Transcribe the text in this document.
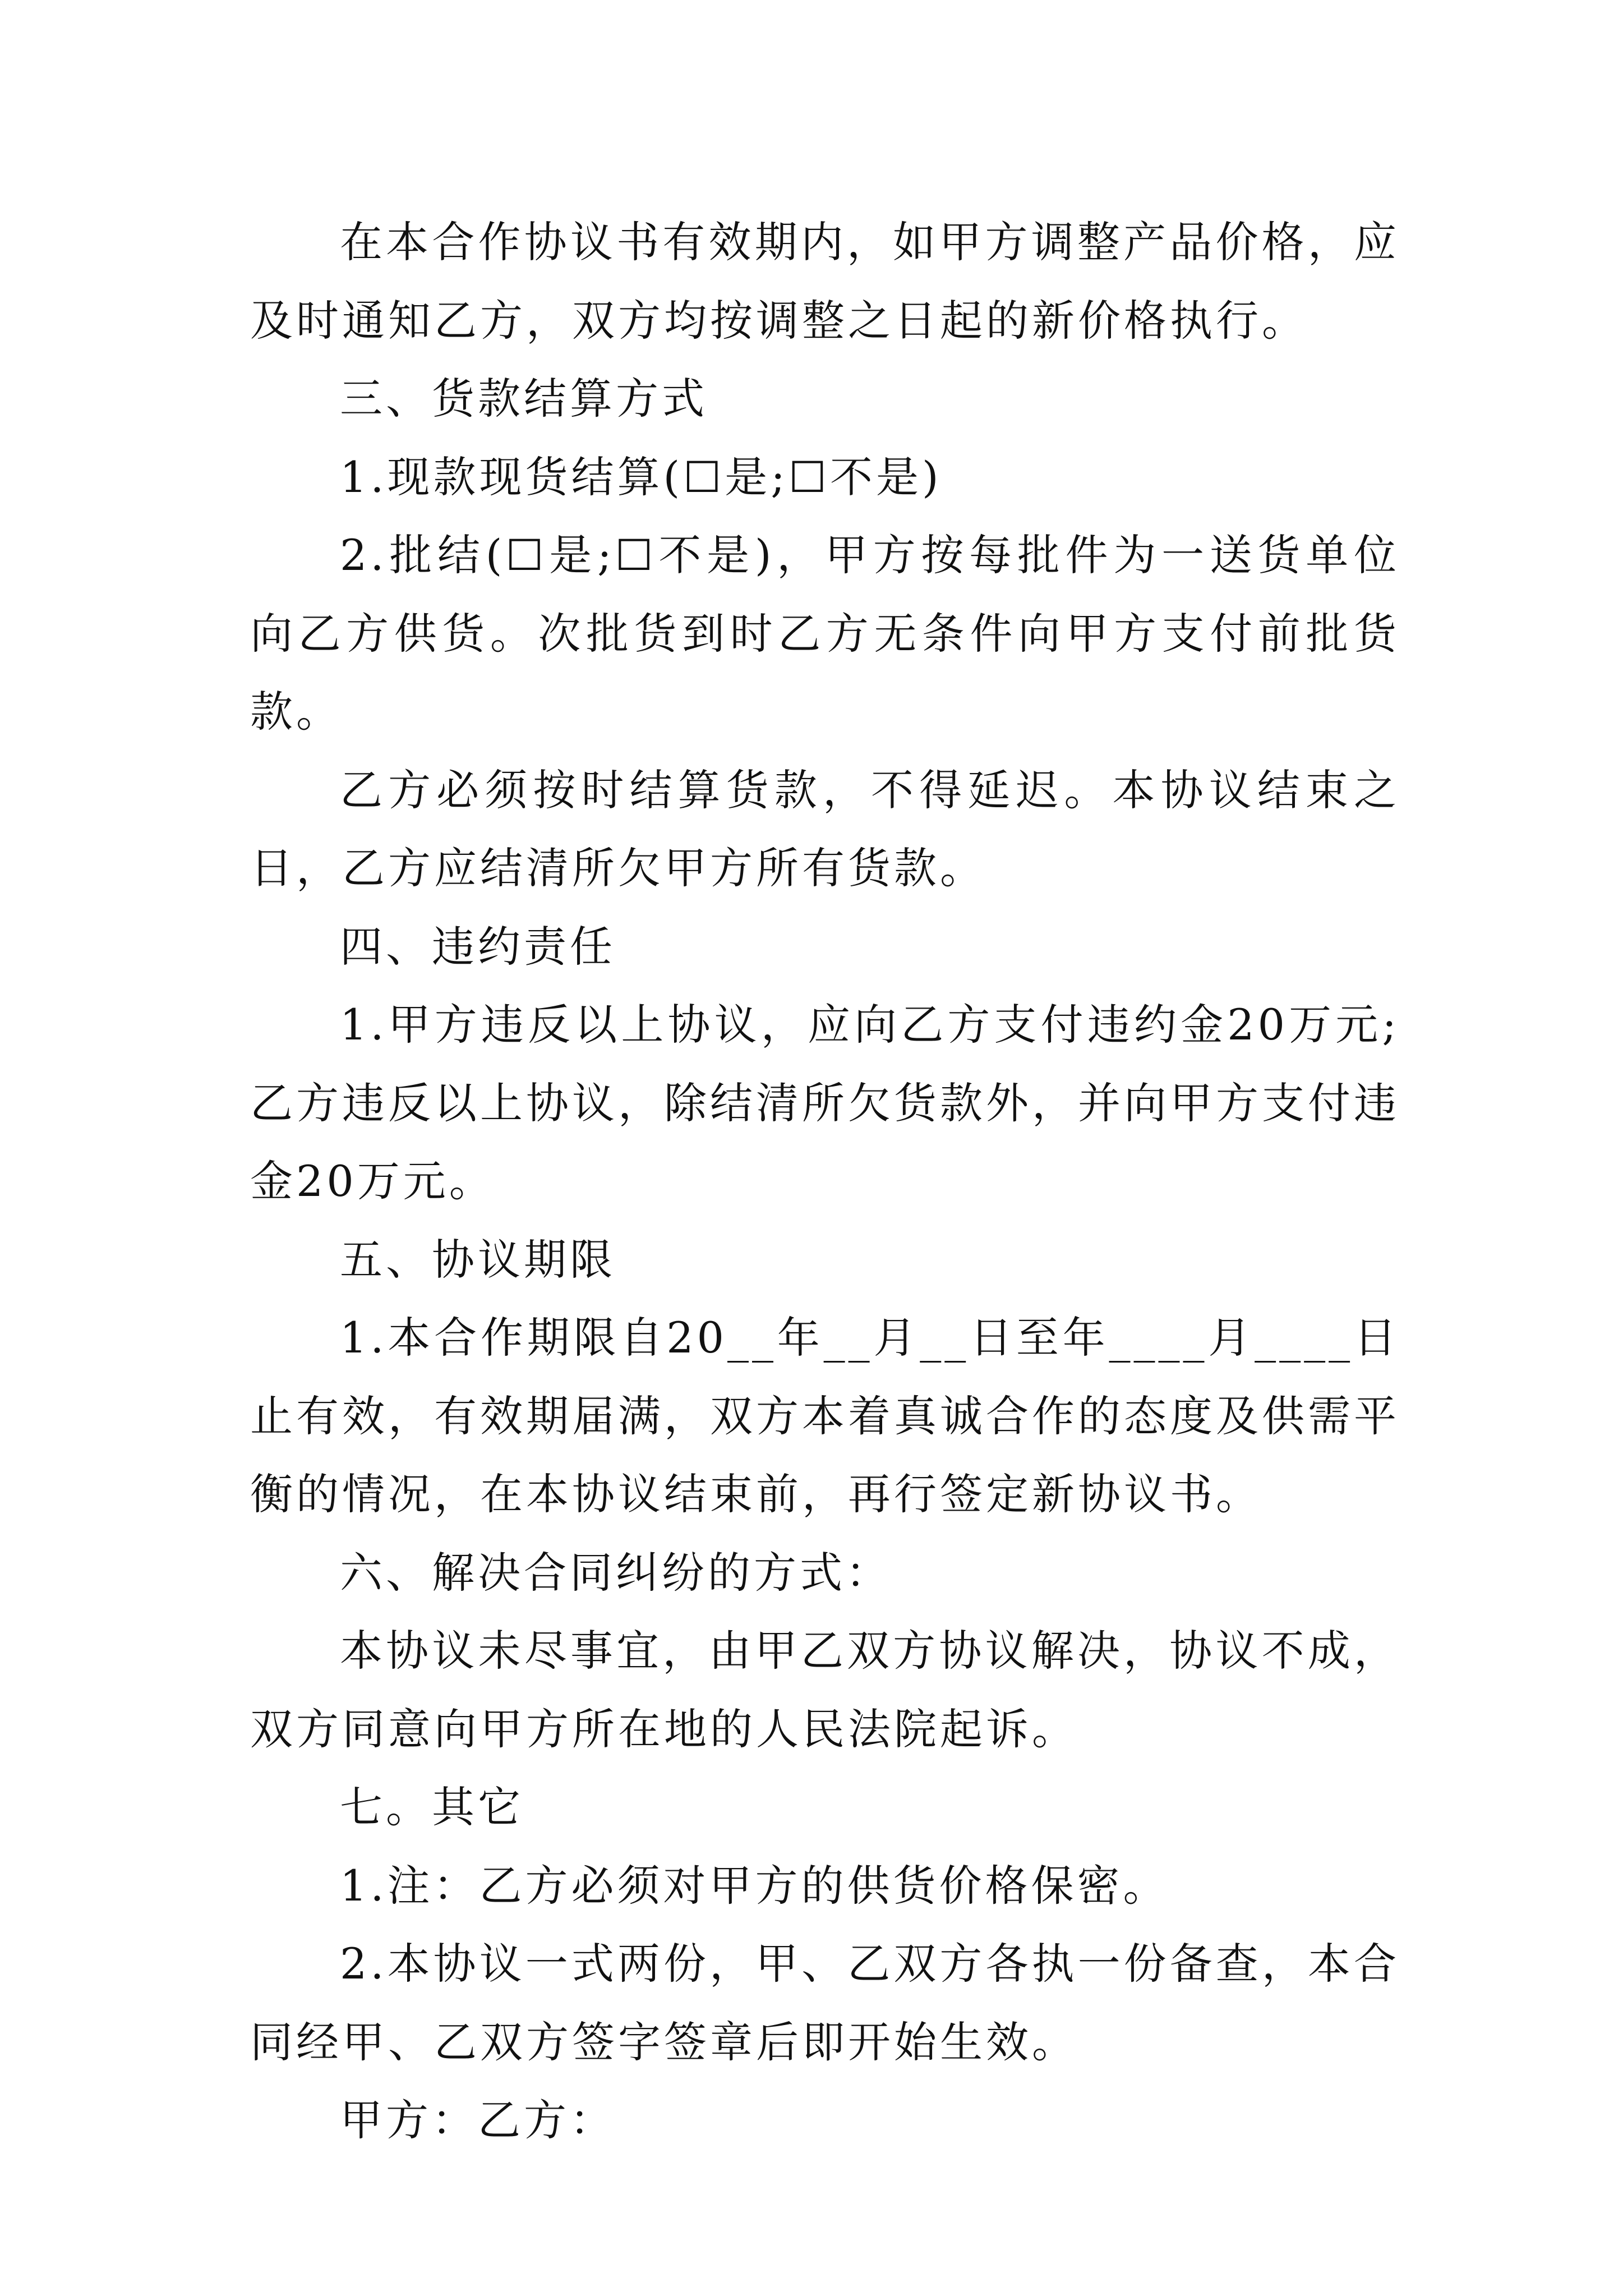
在本合作协议书有效期内，如甲方调整产品价格，应及时通知乙方，双方均按调整之日起的新价格执行。

三、货款结算方式

1.现款现货结算(☐是;☐不是)

2.批结(☐是;☐不是)，甲方按每批件为一送货单位向乙方供货。次批货到时乙方无条件向甲方支付前批货款。

乙方必须按时结算货款，不得延迟。本协议结束之日，乙方应结清所欠甲方所有货款。

四、违约责任

1.甲方违反以上协议，应向乙方支付违约金20万元;乙方违反以上协议，除结清所欠货款外，并向甲方支付违金20万元。

五、协议期限

1.本合作期限自20__年__月__日至年____月____日止有效，有效期届满，双方本着真诚合作的态度及供需平衡的情况，在本协议结束前，再行签定新协议书。

六、解决合同纠纷的方式：

本协议未尽事宜，由甲乙双方协议解决，协议不成，双方同意向甲方所在地的人民法院起诉。

七。其它

1.注：乙方必须对甲方的供货价格保密。

2.本协议一式两份，甲、乙双方各执一份备查，本合同经甲、乙双方签字签章后即开始生效。

甲方：乙方：
